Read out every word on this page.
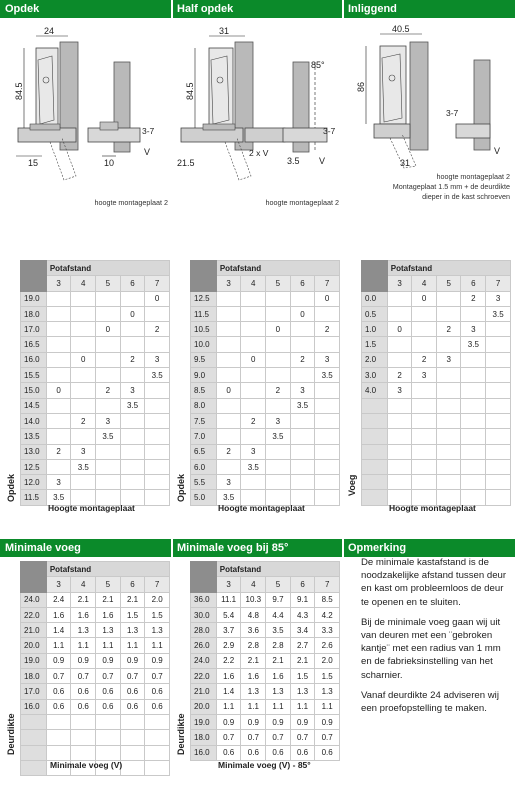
Opdek	Half opdek	Inliggend
24
84.5
15
3-7
10
V
hoogte montageplaat 2
31
84.5
21.5
2 x V
3-7
3.5 V
85°
hoogte montageplaat 2
40.5
86
31
3-7
V
hoogte montageplaat 2
Montageplaat 1.5 mm + de deurdikte
dieper in de kast schroeven
	Potafstand				
	3	4	5	6	7
19.0					0
18.0				0	
17.0			0		2
16.5					
16.0		0		2	3
15.5					3.5
15.0	0		2	3	
14.5				3.5	
14.0		2	3		
13.5			3.5		
13.0	2	3			
12.5		3.5			
12.0	3				
11.5	3.5				
Opdek
Hoogte montageplaat
	Potafstand				
	3	4	5	6	7
12.5					0
11.5				0	
10.5			0		2
10.0					
9.5		0		2	3
9.0					3.5
8.5	0		2	3	
8.0				3.5	
7.5		2	3		
7.0			3.5		
6.5	2	3			
6.0		3.5			
5.5	3				
5.0	3.5				
Opdek
Hoogte montageplaat
	Potafstand				
	3	4	5	6	7
0.0		0		2	3
0.5					3.5
1.0	0		2	3	
1.5				3.5	
2.0		2	3		
3.0	2	3			
4.0	3				

Voeg
Hoogte montageplaat
Minimale voeg	Minimale voeg bij 85°	Opmerking
	Potafstand				
	3	4	5	6	7
24.0	2.4	2.1	2.1	2.1	2.0
22.0	1.6	1.6	1.6	1.5	1.5
21.0	1.4	1.3	1.3	1.3	1.3
20.0	1.1	1.1	1.1	1.1	1.1
19.0	0.9	0.9	0.9	0.9	0.9
18.0	0.7	0.7	0.7	0.7	0.7
17.0	0.6	0.6	0.6	0.6	0.6
16.0	0.6	0.6	0.6	0.6	0.6

Deurdikte
Minimale voeg (V)
	Potafstand				
	3	4	5	6	7
36.0	11.1	10.3	9.7	9.1	8.5
30.0	5.4	4.8	4.4	4.3	4.2
28.0	3.7	3.6	3.5	3.4	3.3
26.0	2.9	2.8	2.8	2.7	2.6
24.0	2.2	2.1	2.1	2.1	2.0
22.0	1.6	1.6	1.6	1.5	1.5
21.0	1.4	1.3	1.3	1.3	1.3
20.0	1.1	1.1	1.1	1.1	1.1
19.0	0.9	0.9	0.9	0.9	0.9
18.0	0.7	0.7	0.7	0.7	0.7
16.0	0.6	0.6	0.6	0.6	0.6
Deurdikte
Minimale voeg (V) - 85°

De minimale kastafstand is de noodzakelijke afstand tussen deur en kast om probleemloos de deur te openen en te sluiten.

Bij de minimale voeg gaan wij uit van deuren met een ¨gebroken kantje¨ met een radius van 1 mm en de fabrieksinstelling van het scharnier.

Vanaf deurdikte 24 adviseren wij een proefopstelling te maken.
